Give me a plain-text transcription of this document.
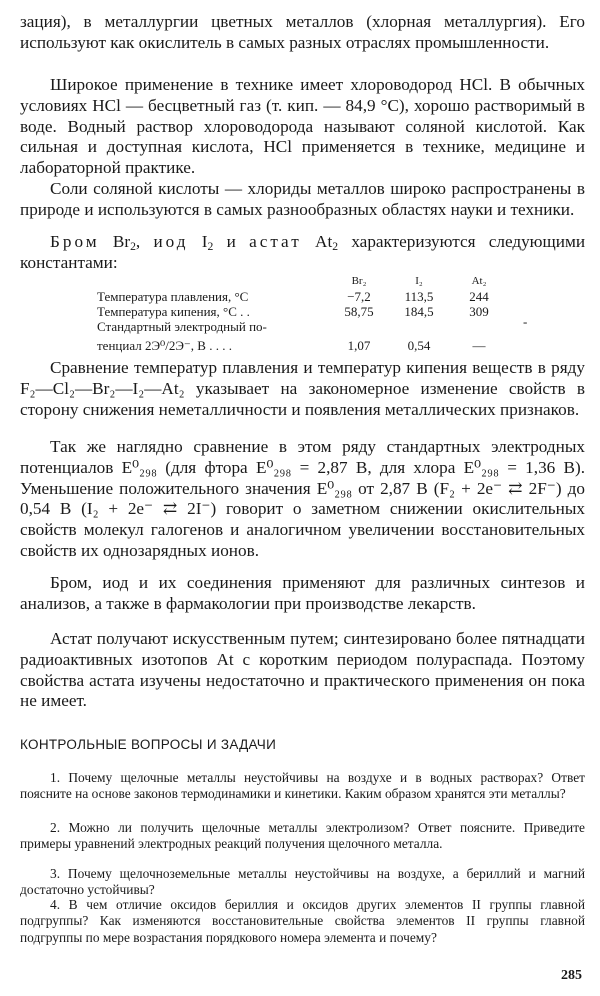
зация), в металлургии цветных металлов (хлорная металлургия). Его используют как окислитель в самых разных отраслях промышленности.

Широкое применение в технике имеет хлороводород HCl. В обычных условиях HCl — бесцветный газ (т. кип. — 84,9 °С), хорошо растворимый в воде. Водный раствор хлороводорода называют соляной кислотой. Как сильная и доступная кислота, HCl применяется в технике, медицине и лабораторной практике.

Соли соляной кислоты — хлориды металлов широко распространены в природе и используются в самых разнообразных областях науки и техники.

Бром $Br_2$, иод $I_2$ и астат $At_2$ характеризуются следующими константами:

Br₂	I₂	At₂
Температура плавления, °С	−7,2	113,5	244
Температура кипения, °С . .	58,75	184,5	309
Стандартный электродный по-
тенциал 2Э⁰/2Э⁻, В . . . .	1,07	0,54	—
-

Сравнение температур плавления и температур кипения веществ в ряду F₂—Cl₂—Br₂—I₂—At₂ указывает на закономерное изменение свойств в сторону снижения неметалличности и появления металлических признаков.

Так же наглядно сравнение в этом ряду стандартных электродных потенциалов E⁰₂₉₈ (для фтора E⁰₂₉₈ = 2,87 В, для хлора E⁰₂₉₈ = 1,36 В). Уменьшение положительного значения E⁰₂₉₈ от 2,87 В (F₂ + 2e⁻ ⇄ 2F⁻) до 0,54 В (I₂ + 2e⁻ ⇄ 2I⁻) говорит о заметном снижении окислительных свойств молекул галогенов и аналогичном увеличении восстановительных свойств их однозарядных ионов.

Бром, иод и их соединения применяют для различных синтезов и анализов, а также в фармакологии при производстве лекарств.

Астат получают искусственным путем; синтезировано более пятнадцати радиоактивных изотопов At с коротким периодом полураспада. Поэтому свойства астата изучены недостаточно и практического применения он пока не имеет.

КОНТРОЛЬНЫЕ ВОПРОСЫ И ЗАДАЧИ

1. Почему щелочные металлы неустойчивы на воздухе и в водных растворах? Ответ поясните на основе законов термодинамики и кинетики. Каким образом хранятся эти металлы?

2. Можно ли получить щелочные металлы электролизом? Ответ поясните. Приведите примеры уравнений электродных реакций получения щелочного металла.

3. Почему щелочноземельные металлы неустойчивы на воздухе, а бериллий и магний достаточно устойчивы?

4. В чем отличие оксидов бериллия и оксидов других элементов II группы главной подгруппы? Как изменяются восстановительные свойства элементов II группы главной подгруппы по мере возрастания порядкового номера элемента и почему?

285
